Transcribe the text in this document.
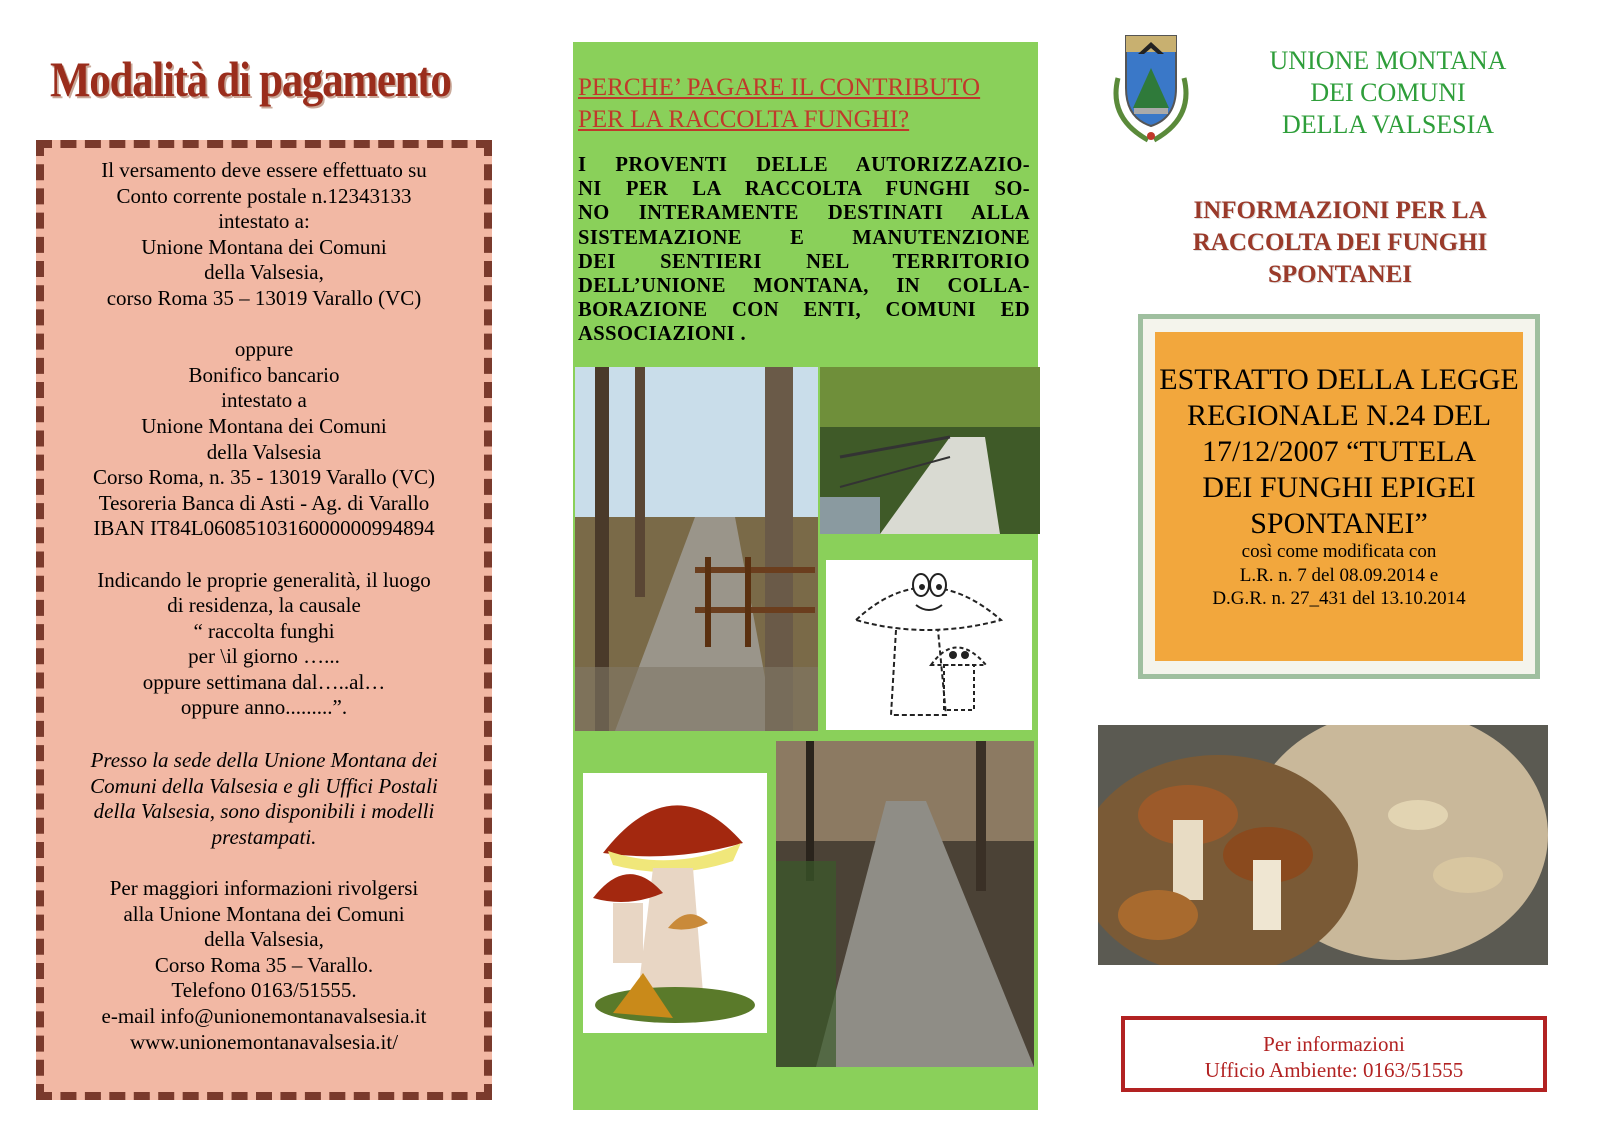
Modalità di pagamento
Il versamento deve essere effettuato su
Conto corrente postale n.12343133
intestato a:
Unione Montana dei Comuni
della Valsesia,
corso Roma 35 – 13019 Varallo (VC)

oppure
Bonifico bancario
intestato a
Unione Montana dei Comuni
della Valsesia
Corso Roma, n. 35 - 13019 Varallo (VC)
Tesoreria Banca di Asti - Ag. di Varallo
IBAN IT84L0608510316000000994894

Indicando le proprie generalità, il luogo
di residenza, la causale
“ raccolta funghi
per \il giorno …...
oppure settimana dal…..al…
oppure anno.........”.
Presso la sede della Unione Montana dei
Comuni della Valsesia e gli Uffici Postali
della Valsesia, sono disponibili i modelli
prestampati.
Per maggiori informazioni rivolgersi
alla Unione Montana dei Comuni
della Valsesia,
Corso Roma 35 – Varallo.
Telefono 0163/51555.
e-mail info@unionemontanavalsesia.it
www.unionemontanavalsesia.it/
PERCHE’ PAGARE IL CONTRIBUTO
PER LA RACCOLTA FUNGHI?
I PROVENTI DELLE AUTORIZZAZIO-
NI PER LA RACCOLTA FUNGHI SO-
NO INTERAMENTE DESTINATI ALLA
SISTEMAZIONE E MANUTENZIONE
DEI SENTIERI NEL TERRITORIO
DELL’UNIONE MONTANA, IN COLLA-
BORAZIONE CON ENTI, COMUNI ED
ASSOCIAZIONI .
UNIONE MONTANA
DEI COMUNI
DELLA VALSESIA
INFORMAZIONI PER LA
RACCOLTA DEI FUNGHI
SPONTANEI
ESTRATTO DELLA LEGGE
REGIONALE N.24 DEL
17/12/2007 “TUTELA
DEI FUNGHI EPIGEI
SPONTANEI”
così come modificata con
L.R. n. 7 del 08.09.2014 e
D.G.R. n. 27_431 del 13.10.2014
Per informazioni
Ufficio Ambiente: 0163/51555
